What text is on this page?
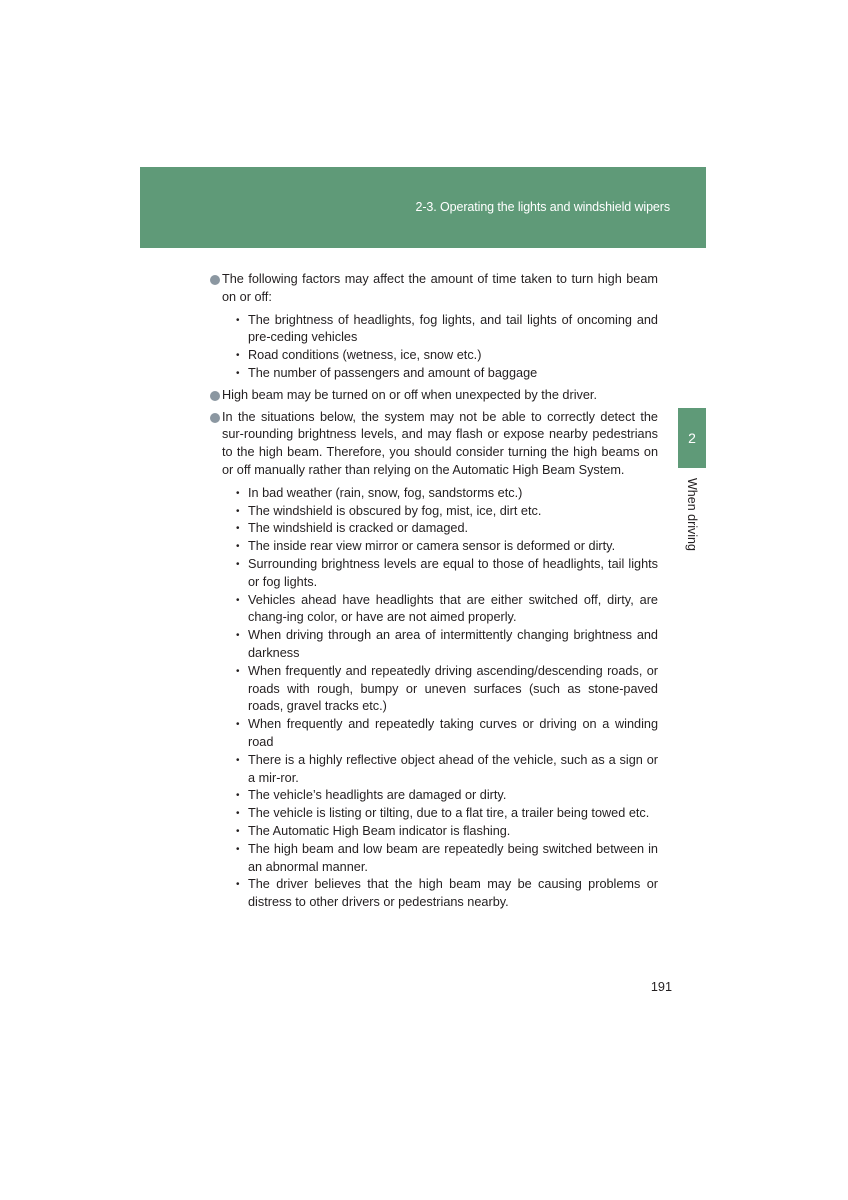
2-3. Operating the lights and windshield wipers
2
When driving
The following factors may affect the amount of time taken to turn high beam on or off:
• The brightness of headlights, fog lights, and tail lights of oncoming and pre-ceding vehicles
• Road conditions (wetness, ice, snow etc.)
• The number of passengers and amount of baggage
High beam may be turned on or off when unexpected by the driver.
In the situations below, the system may not be able to correctly detect the sur-rounding brightness levels, and may flash or expose nearby pedestrians to the high beam. Therefore, you should consider turning the high beams on or off manually rather than relying on the Automatic High Beam System.
• In bad weather (rain, snow, fog, sandstorms etc.)
• The windshield is obscured by fog, mist, ice, dirt etc.
• The windshield is cracked or damaged.
• The inside rear view mirror or camera sensor is deformed or dirty.
• Surrounding brightness levels are equal to those of headlights, tail lights or fog lights.
• Vehicles ahead have headlights that are either switched off, dirty, are chang-ing color, or have are not aimed properly.
• When driving through an area of intermittently changing brightness and darkness
• When frequently and repeatedly driving ascending/descending roads, or roads with rough, bumpy or uneven surfaces (such as stone-paved roads, gravel tracks etc.)
• When frequently and repeatedly taking curves or driving on a winding road
• There is a highly reflective object ahead of the vehicle, such as a sign or a mir-ror.
• The vehicle’s headlights are damaged or dirty.
• The vehicle is listing or tilting, due to a flat tire, a trailer being towed etc.
• The Automatic High Beam indicator is flashing.
• The high beam and low beam are repeatedly being switched between in an abnormal manner.
• The driver believes that the high beam may be causing problems or distress to other drivers or pedestrians nearby.
191
